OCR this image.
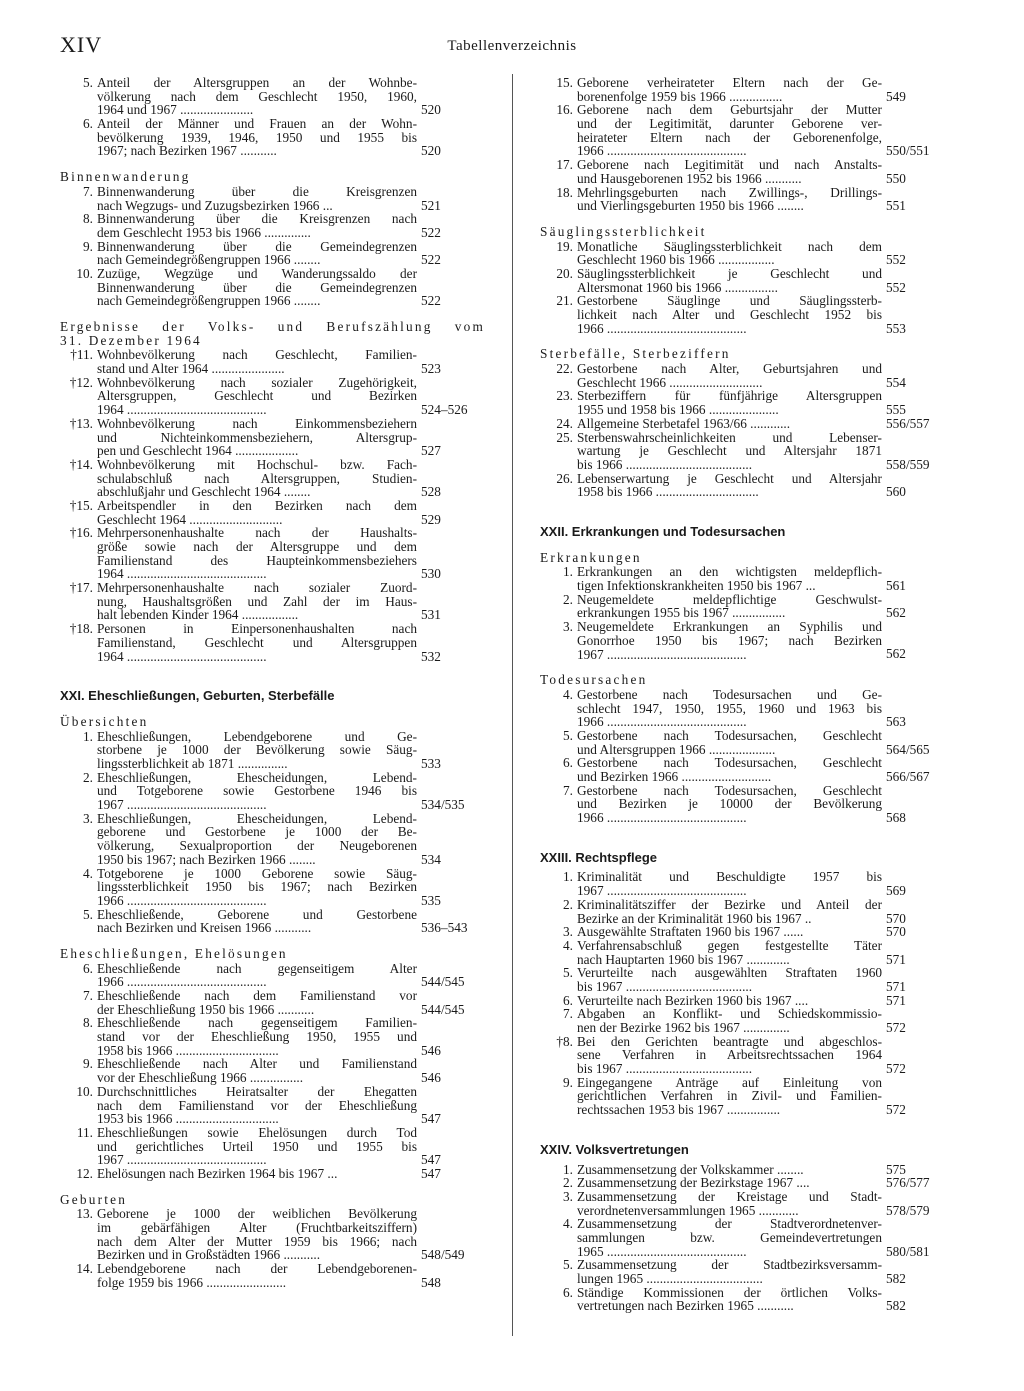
XIV	Tabellenverzeichnis
5. Anteil der Altersgruppen an der Wohnbe-
völkerung nach dem Geschlecht 1950, 1960,
1964 und 1967 ......................	520
6. Anteil der Männer und Frauen an der Wohn-
bevölkerung 1939, 1946, 1950 und 1955 bis
1967; nach Bezirken 1967 ...........	520
Binnenwanderung
7. Binnenwanderung über die Kreisgrenzen
nach Wegzugs- und Zuzugsbezirken 1966 ...	521
8. Binnenwanderung über die Kreisgrenzen nach
dem Geschlecht 1953 bis 1966 ..............	522
9. Binnenwanderung über die Gemeindegrenzen
nach Gemeindegrößengruppen 1966 ........	522
10. Zuzüge, Wegzüge und Wanderungssaldo der
Binnenwanderung über die Gemeindegrenzen
nach Gemeindegrößengruppen 1966 ........	522
Ergebnisse der Volks- und Berufszählung vom
31. Dezember 1964
†11. Wohnbevölkerung nach Geschlecht, Familien-
stand und Alter 1964 ......................	523
†12. Wohnbevölkerung nach sozialer Zugehörigkeit,
Altersgruppen, Geschlecht und Bezirken
1964 ..........................................	524–526
†13. Wohnbevölkerung nach Einkommensbeziehern
und Nichteinkommensbeziehern, Altersgrup-
pen und Geschlecht 1964 ...................	527
†14. Wohnbevölkerung mit Hochschul- bzw. Fach-
schulabschluß nach Altersgruppen, Studien-
abschlußjahr und Geschlecht 1964 ........	528
†15. Arbeitspendler in den Bezirken nach dem
Geschlecht 1964 ............................	529
†16. Mehrpersonenhaushalte nach der Haushalts-
größe sowie nach der Altersgruppe und dem
Familienstand des Haupteinkommensbeziehers
1964 ..........................................	530
†17. Mehrpersonenhaushalte nach sozialer Zuord-
nung, Haushaltsgrößen und Zahl der im Haus-
halt lebenden Kinder 1964 .................	531
†18. Personen in Einpersonenhaushalten nach
Familienstand, Geschlecht und Altersgruppen
1964 ..........................................	532
XXI. Eheschließungen, Geburten, Sterbefälle
Übersichten
1. Eheschließungen, Lebendgeborene und Ge-
storbene je 1000 der Bevölkerung sowie Säug-
lingssterblichkeit ab 1871 ...............	533
2. Eheschließungen, Ehescheidungen, Lebend-
und Totgeborene sowie Gestorbene 1946 bis
1967 ..........................................	534/535
3. Eheschließungen, Ehescheidungen, Lebend-
geborene und Gestorbene je 1000 der Be-
völkerung, Sexualproportion der Neugeborenen
1950 bis 1967; nach Bezirken 1966 ........	534
4. Totgeborene je 1000 Geborene sowie Säug-
lingssterblichkeit 1950 bis 1967; nach Bezirken
1966 ..........................................	535
5. Eheschließende, Geborene und Gestorbene
nach Bezirken und Kreisen 1966 ...........	536–543
Eheschließungen, Ehelösungen
6. Eheschließende nach gegenseitigem Alter
1966 ..........................................	544/545
7. Eheschließende nach dem Familienstand vor
der Eheschließung 1950 bis 1966 ...........	544/545
8. Eheschließende nach gegenseitigem Familien-
stand vor der Eheschließung 1950, 1955 und
1958 bis 1966 ...............................	546
9. Eheschließende nach Alter und Familienstand
vor der Eheschließung 1966 ................	546
10. Durchschnittliches Heiratsalter der Ehegatten
nach dem Familienstand vor der Eheschließung
1953 bis 1966 ...............................	547
11. Eheschließungen sowie Ehelösungen durch Tod
und gerichtliches Urteil 1950 und 1955 bis
1967 ..........................................	547
12. Ehelösungen nach Bezirken 1964 bis 1967 ...	547
Geburten
13. Geborene je 1000 der weiblichen Bevölkerung
im gebärfähigen Alter (Fruchtbarkeitsziffern)
nach dem Alter der Mutter 1959 bis 1966; nach
Bezirken und in Großstädten 1966 ...........	548/549
14. Lebendgeborene nach der Lebendgeborenen-
folge 1959 bis 1966 ........................	548
15. Geborene verheirateter Eltern nach der Ge-
borenenfolge 1959 bis 1966 ................	549
16. Geborene nach dem Geburtsjahr der Mutter
und der Legitimität, darunter Geborene ver-
heirateter Eltern nach der Geborenenfolge,
1966 ..........................................	550/551
17. Geborene nach Legitimität und nach Anstalts-
und Hausgeborenen 1952 bis 1966 ...........	550
18. Mehrlingsgeburten nach Zwillings-, Drillings-
und Vierlingsgeburten 1950 bis 1966 ........	551
Säuglingssterblichkeit
19. Monatliche Säuglingssterblichkeit nach dem
Geschlecht 1960 bis 1966 .................	552
20. Säuglingssterblichkeit je Geschlecht und
Altersmonat 1960 bis 1966 ................	552
21. Gestorbene Säuglinge und Säuglingssterb-
lichkeit nach Alter und Geschlecht 1952 bis
1966 ..........................................	553
Sterbefälle, Sterbeziffern
22. Gestorbene nach Alter, Geburtsjahren und
Geschlecht 1966 ............................	554
23. Sterbeziffern für fünfjährige Altersgruppen
1955 und 1958 bis 1966 .....................	555
24. Allgemeine Sterbetafel 1963/66 ............	556/557
25. Sterbenswahrscheinlichkeiten und Lebenser-
wartung je Geschlecht und Altersjahr 1871
bis 1966 ......................................	558/559
26. Lebenserwartung je Geschlecht und Altersjahr
1958 bis 1966 ...............................	560
XXII. Erkrankungen und Todesursachen
Erkrankungen
1. Erkrankungen an den wichtigsten meldepflich-
tigen Infektionskrankheiten 1950 bis 1967 ...	561
2. Neugemeldete meldepflichtige Geschwulst-
erkrankungen 1955 bis 1967 ................	562
3. Neugemeldete Erkrankungen an Syphilis und
Gonorrhoe 1950 bis 1967; nach Bezirken
1967 ..........................................	562
Todesursachen
4. Gestorbene nach Todesursachen und Ge-
schlecht 1947, 1950, 1955, 1960 und 1963 bis
1966 ..........................................	563
5. Gestorbene nach Todesursachen, Geschlecht
und Altersgruppen 1966 ....................	564/565
6. Gestorbene nach Todesursachen, Geschlecht
und Bezirken 1966 ...........................	566/567
7. Gestorbene nach Todesursachen, Geschlecht
und Bezirken je 10000 der Bevölkerung
1966 ..........................................	568
XXIII. Rechtspflege
1. Kriminalität und Beschuldigte 1957 bis
1967 ..........................................	569
2. Kriminalitätsziffer der Bezirke und Anteil der
Bezirke an der Kriminalität 1960 bis 1967 ..	570
3. Ausgewählte Straftaten 1960 bis 1967 ......	570
4. Verfahrensabschluß gegen festgestellte Täter
nach Hauptarten 1960 bis 1967 .............	571
5. Verurteilte nach ausgewählten Straftaten 1960
bis 1967 ......................................	571
6. Verurteilte nach Bezirken 1960 bis 1967 ....	571
7. Abgaben an Konflikt- und Schiedskommissio-
nen der Bezirke 1962 bis 1967 ..............	572
†8. Bei den Gerichten beantragte und abgeschlos-
sene Verfahren in Arbeitsrechtssachen 1964
bis 1967 ......................................	572
9. Eingegangene Anträge auf Einleitung von
gerichtlichen Verfahren in Zivil- und Familien-
rechtssachen 1953 bis 1967 ................	572
XXIV. Volksvertretungen
1. Zusammensetzung der Volkskammer ........	575
2. Zusammensetzung der Bezirkstage 1967 ....	576/577
3. Zusammensetzung der Kreistage und Stadt-
verordnetenversammlungen 1965 ............	578/579
4. Zusammensetzung der Stadtverordnetenver-
sammlungen bzw. Gemeindevertretungen
1965 ..........................................	580/581
5. Zusammensetzung der Stadtbezirksversamm-
lungen 1965 ...................................	582
6. Ständige Kommissionen der örtlichen Volks-
vertretungen nach Bezirken 1965 ...........	582
